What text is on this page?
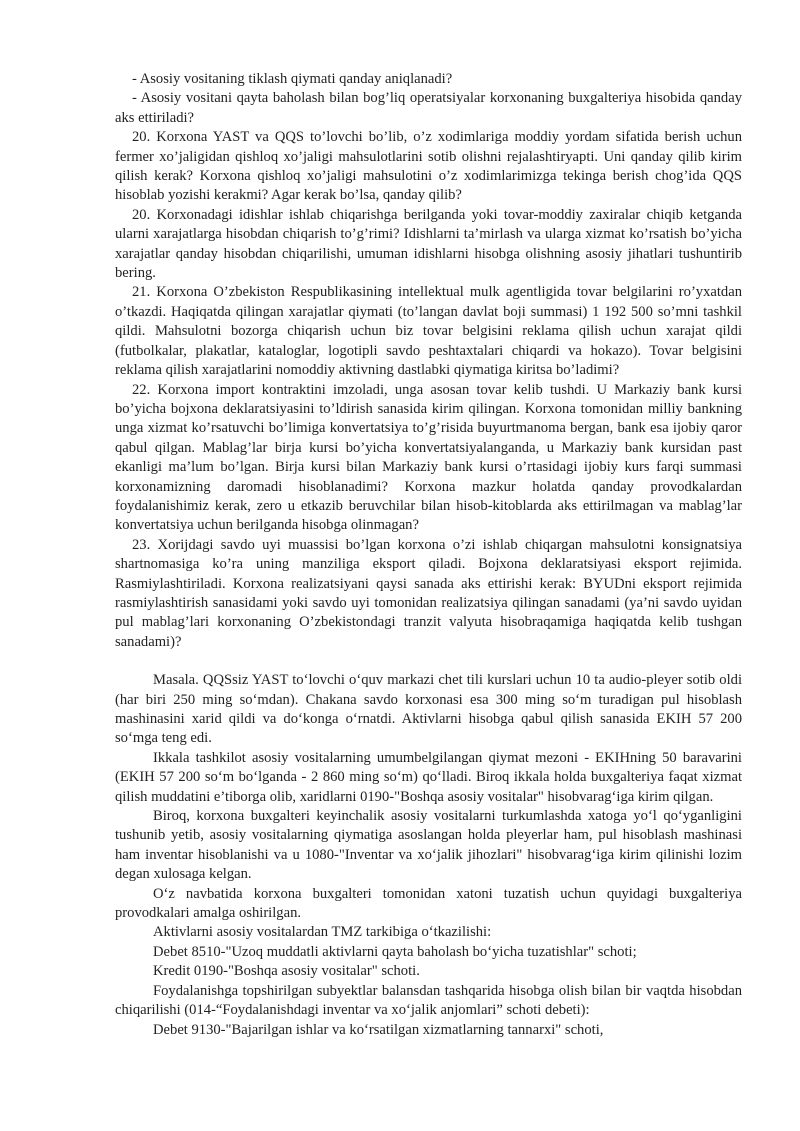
- Asosiy vositaning tiklash qiymati qanday aniqlanadi?

- Asosiy vositani qayta baholash bilan bog’liq operatsiyalar korxonaning buxgalteriya hisobida qanday aks ettiriladi?

20. Korxona YAST va QQS to’lovchi bo’lib, o’z xodimlariga moddiy yordam sifatida berish uchun fermer xo’jaligidan qishloq xo’jaligi mahsulotlarini sotib olishni rejalashtiryapti. Uni qanday qilib kirim qilish kerak? Korxona qishloq xo’jaligi mahsulotini o’z xodimlarimizga tekinga berish chog’ida QQS hisoblab yozishi kerakmi? Agar kerak bo’lsa, qanday qilib?

20. Korxonadagi idishlar ishlab chiqarishga berilganda yoki tovar-moddiy zaxiralar chiqib ketganda ularni xarajatlarga hisobdan chiqarish to’g’rimi? Idishlarni ta’mirlash va ularga xizmat ko’rsatish bo’yicha xarajatlar qanday hisobdan chiqarilishi, umuman idishlarni hisobga olishning asosiy jihatlari tushuntirib bering.

21. Korxona O’zbekiston Respublikasining intellektual mulk agentligida tovar belgilarini ro’yxatdan o’tkazdi. Haqiqatda qilingan xarajatlar qiymati (to’langan davlat boji summasi) 1 192 500 so’mni tashkil qildi. Mahsulotni bozorga chiqarish uchun biz tovar belgisini reklama qilish uchun xarajat qildi (futbolkalar, plakatlar, kataloglar, logotipli savdo peshtaxtalari chiqardi va hokazo). Tovar belgisini reklama qilish xarajatlarini nomoddiy aktivning dastlabki qiymatiga kiritsa bo’ladimi?

22. Korxona import kontraktini imzoladi, unga asosan tovar kelib tushdi. U Markaziy bank kursi bo’yicha bojxona deklaratsiyasini to’ldirish sanasida kirim qilingan. Korxona tomonidan milliy bankning unga xizmat ko’rsatuvchi bo’limiga konvertatsiya to’g’risida buyurtmanoma bergan, bank esa ijobiy qaror qabul qilgan. Mablag’lar birja kursi bo’yicha konvertatsiyalanganda, u Markaziy bank kursidan past ekanligi ma’lum bo’lgan. Birja kursi bilan Markaziy bank kursi o’rtasidagi ijobiy kurs farqi summasi korxonamizning daromadi hisoblanadimi? Korxona mazkur holatda qanday provodkalardan foydalanishimiz kerak, zero u etkazib beruvchilar bilan hisob-kitoblarda aks ettirilmagan va mablag’lar konvertatsiya uchun berilganda hisobga olinmagan?

23. Xorijdagi savdo uyi muassisi bo’lgan korxona o’zi ishlab chiqargan mahsulotni konsignatsiya shartnomasiga ko’ra uning manziliga eksport qiladi. Bojxona deklaratsiyasi eksport rejimida. Rasmiylashtiriladi. Korxona realizatsiyani qaysi sanada aks ettirishi kerak: BYUDni eksport rejimida rasmiylashtirish sanasidami yoki savdo uyi tomonidan realizatsiya qilingan sanadami (ya’ni savdo uyidan pul mablag’lari korxonaning O’zbekistondagi tranzit valyuta hisobraqamiga haqiqatda kelib tushgan sanadami)?

Masala. QQSsiz YAST to‘lovchi o‘quv markazi chet tili kurslari uchun 10 ta audio-pleyer sotib oldi (har biri 250 ming so‘mdan). Chakana savdo korxonasi esa 300 ming so‘m turadigan pul hisoblash mashinasini xarid qildi va do‘konga o‘rnatdi. Aktivlarni hisobga qabul qilish sanasida EKIH 57 200 so‘mga teng edi.

Ikkala tashkilot asosiy vositalarning umumbelgilangan qiymat mezoni - EKIHning 50 baravarini (EKIH 57 200 so‘m bo‘lganda - 2 860 ming so‘m) qo‘lladi. Biroq ikkala holda buxgalteriya faqat xizmat qilish muddatini e’tiborga olib, xaridlarni 0190-"Boshqa asosiy vositalar" hisobvarag‘iga kirim qilgan.

Biroq, korxona buxgalteri keyinchalik asosiy vositalarni turkumlashda xatoga yo‘l qo‘yganligini tushunib yetib, asosiy vositalarning qiymatiga asoslangan holda pleyerlar ham, pul hisoblash mashinasi ham inventar hisoblanishi va u 1080-"Inventar va xo‘jalik jihozlari" hisobvarag‘iga kirim qilinishi lozim degan xulosaga kelgan.

O‘z navbatida korxona buxgalteri tomonidan xatoni tuzatish uchun quyidagi buxgalteriya provodkalari amalga oshirilgan.

Aktivlarni asosiy vositalardan TMZ tarkibiga o‘tkazilishi:

Debet 8510-"Uzoq muddatli aktivlarni qayta baholash bo‘yicha tuzatishlar" schoti;

Kredit 0190-"Boshqa asosiy vositalar" schoti.

Foydalanishga topshirilgan subyektlar balansdan tashqarida hisobga olish bilan bir vaqtda hisobdan chiqarilishi (014-“Foydalanishdagi inventar va xo‘jalik anjomlari” schoti debeti):

Debet 9130-"Bajarilgan ishlar va ko‘rsatilgan xizmatlarning tannarxi" schoti,
